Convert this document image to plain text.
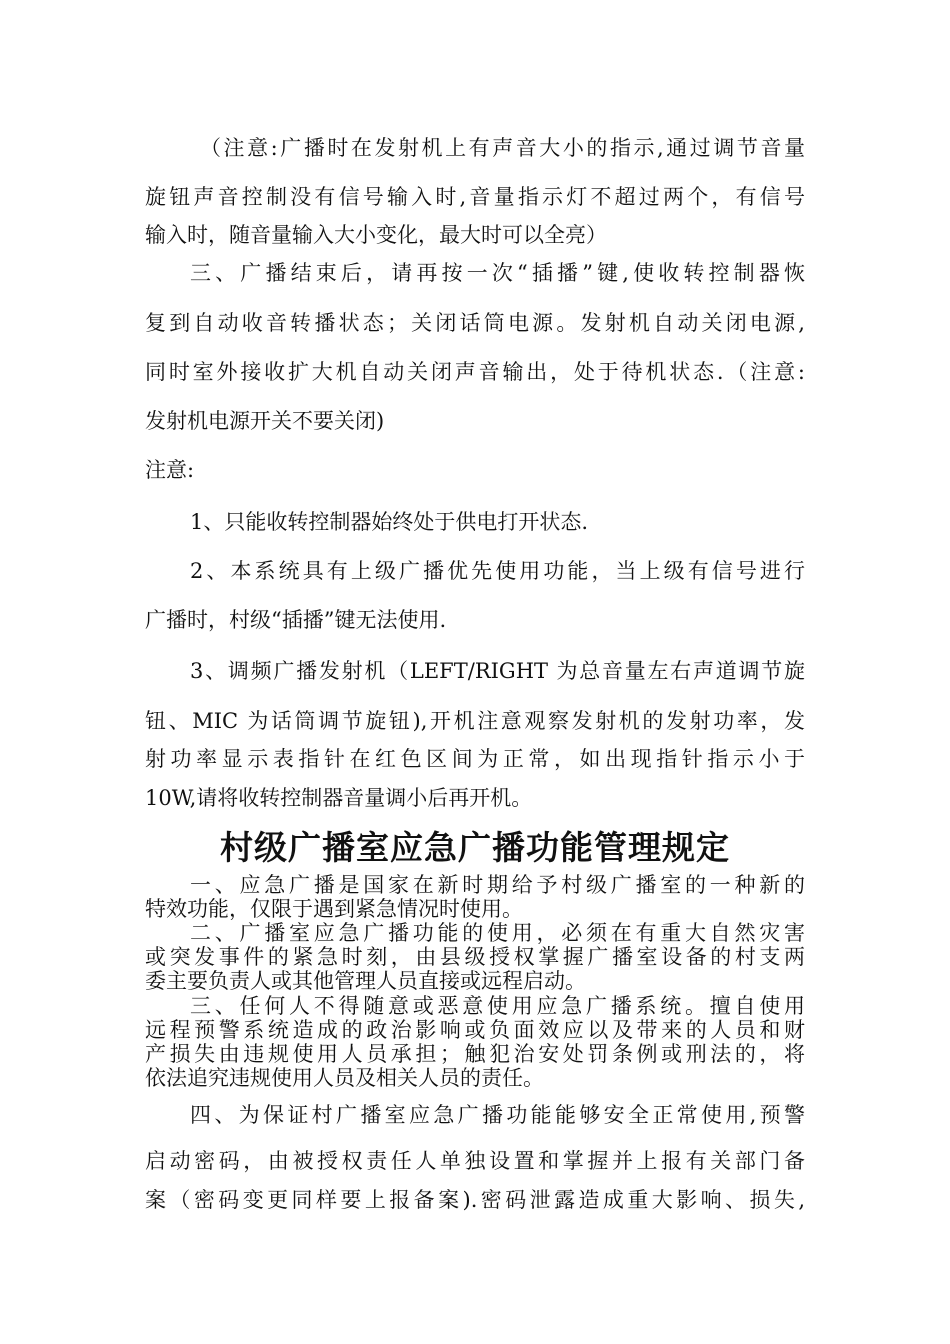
（注意:广播时在发射机上有声音大小的指示,通过调节音量
旋钮声音控制没有信号输入时,音量指示灯不超过两个，有信号
输入时，随音量输入大小变化，最大时可以全亮）
三、广播结束后，请再按一次“插播”键,使收转控制器恢
复到自动收音转播状态；关闭话筒电源。发射机自动关闭电源,
同时室外接收扩大机自动关闭声音输出，处于待机状态.（注意:
发射机电源开关不要关闭)
注意:
1、只能收转控制器始终处于供电打开状态.
2、本系统具有上级广播优先使用功能，当上级有信号进行
广播时，村级“插播”键无法使用.
3、调频广播发射机（LEFT/RIGHT 为总音量左右声道调节旋
钮、MIC 为话筒调节旋钮),开机注意观察发射机的发射功率，发
射功率显示表指针在红色区间为正常，如出现指针指示小于
10W,请将收转控制器音量调小后再开机。
村级广播室应急广播功能管理规定
一、应急广播是国家在新时期给予村级广播室的一种新的
特效功能，仅限于遇到紧急情况时使用。
二、广播室应急广播功能的使用，必须在有重大自然灾害
或突发事件的紧急时刻，由县级授权掌握广播室设备的村支两
委主要负责人或其他管理人员直接或远程启动。
三、任何人不得随意或恶意使用应急广播系统。擅自使用
远程预警系统造成的政治影响或负面效应以及带来的人员和财
产损失由违规使用人员承担；触犯治安处罚条例或刑法的，将
依法追究违规使用人员及相关人员的责任。
四、为保证村广播室应急广播功能能够安全正常使用,预警
启动密码，由被授权责任人单独设置和掌握并上报有关部门备
案（密码变更同样要上报备案).密码泄露造成重大影响、损失,
